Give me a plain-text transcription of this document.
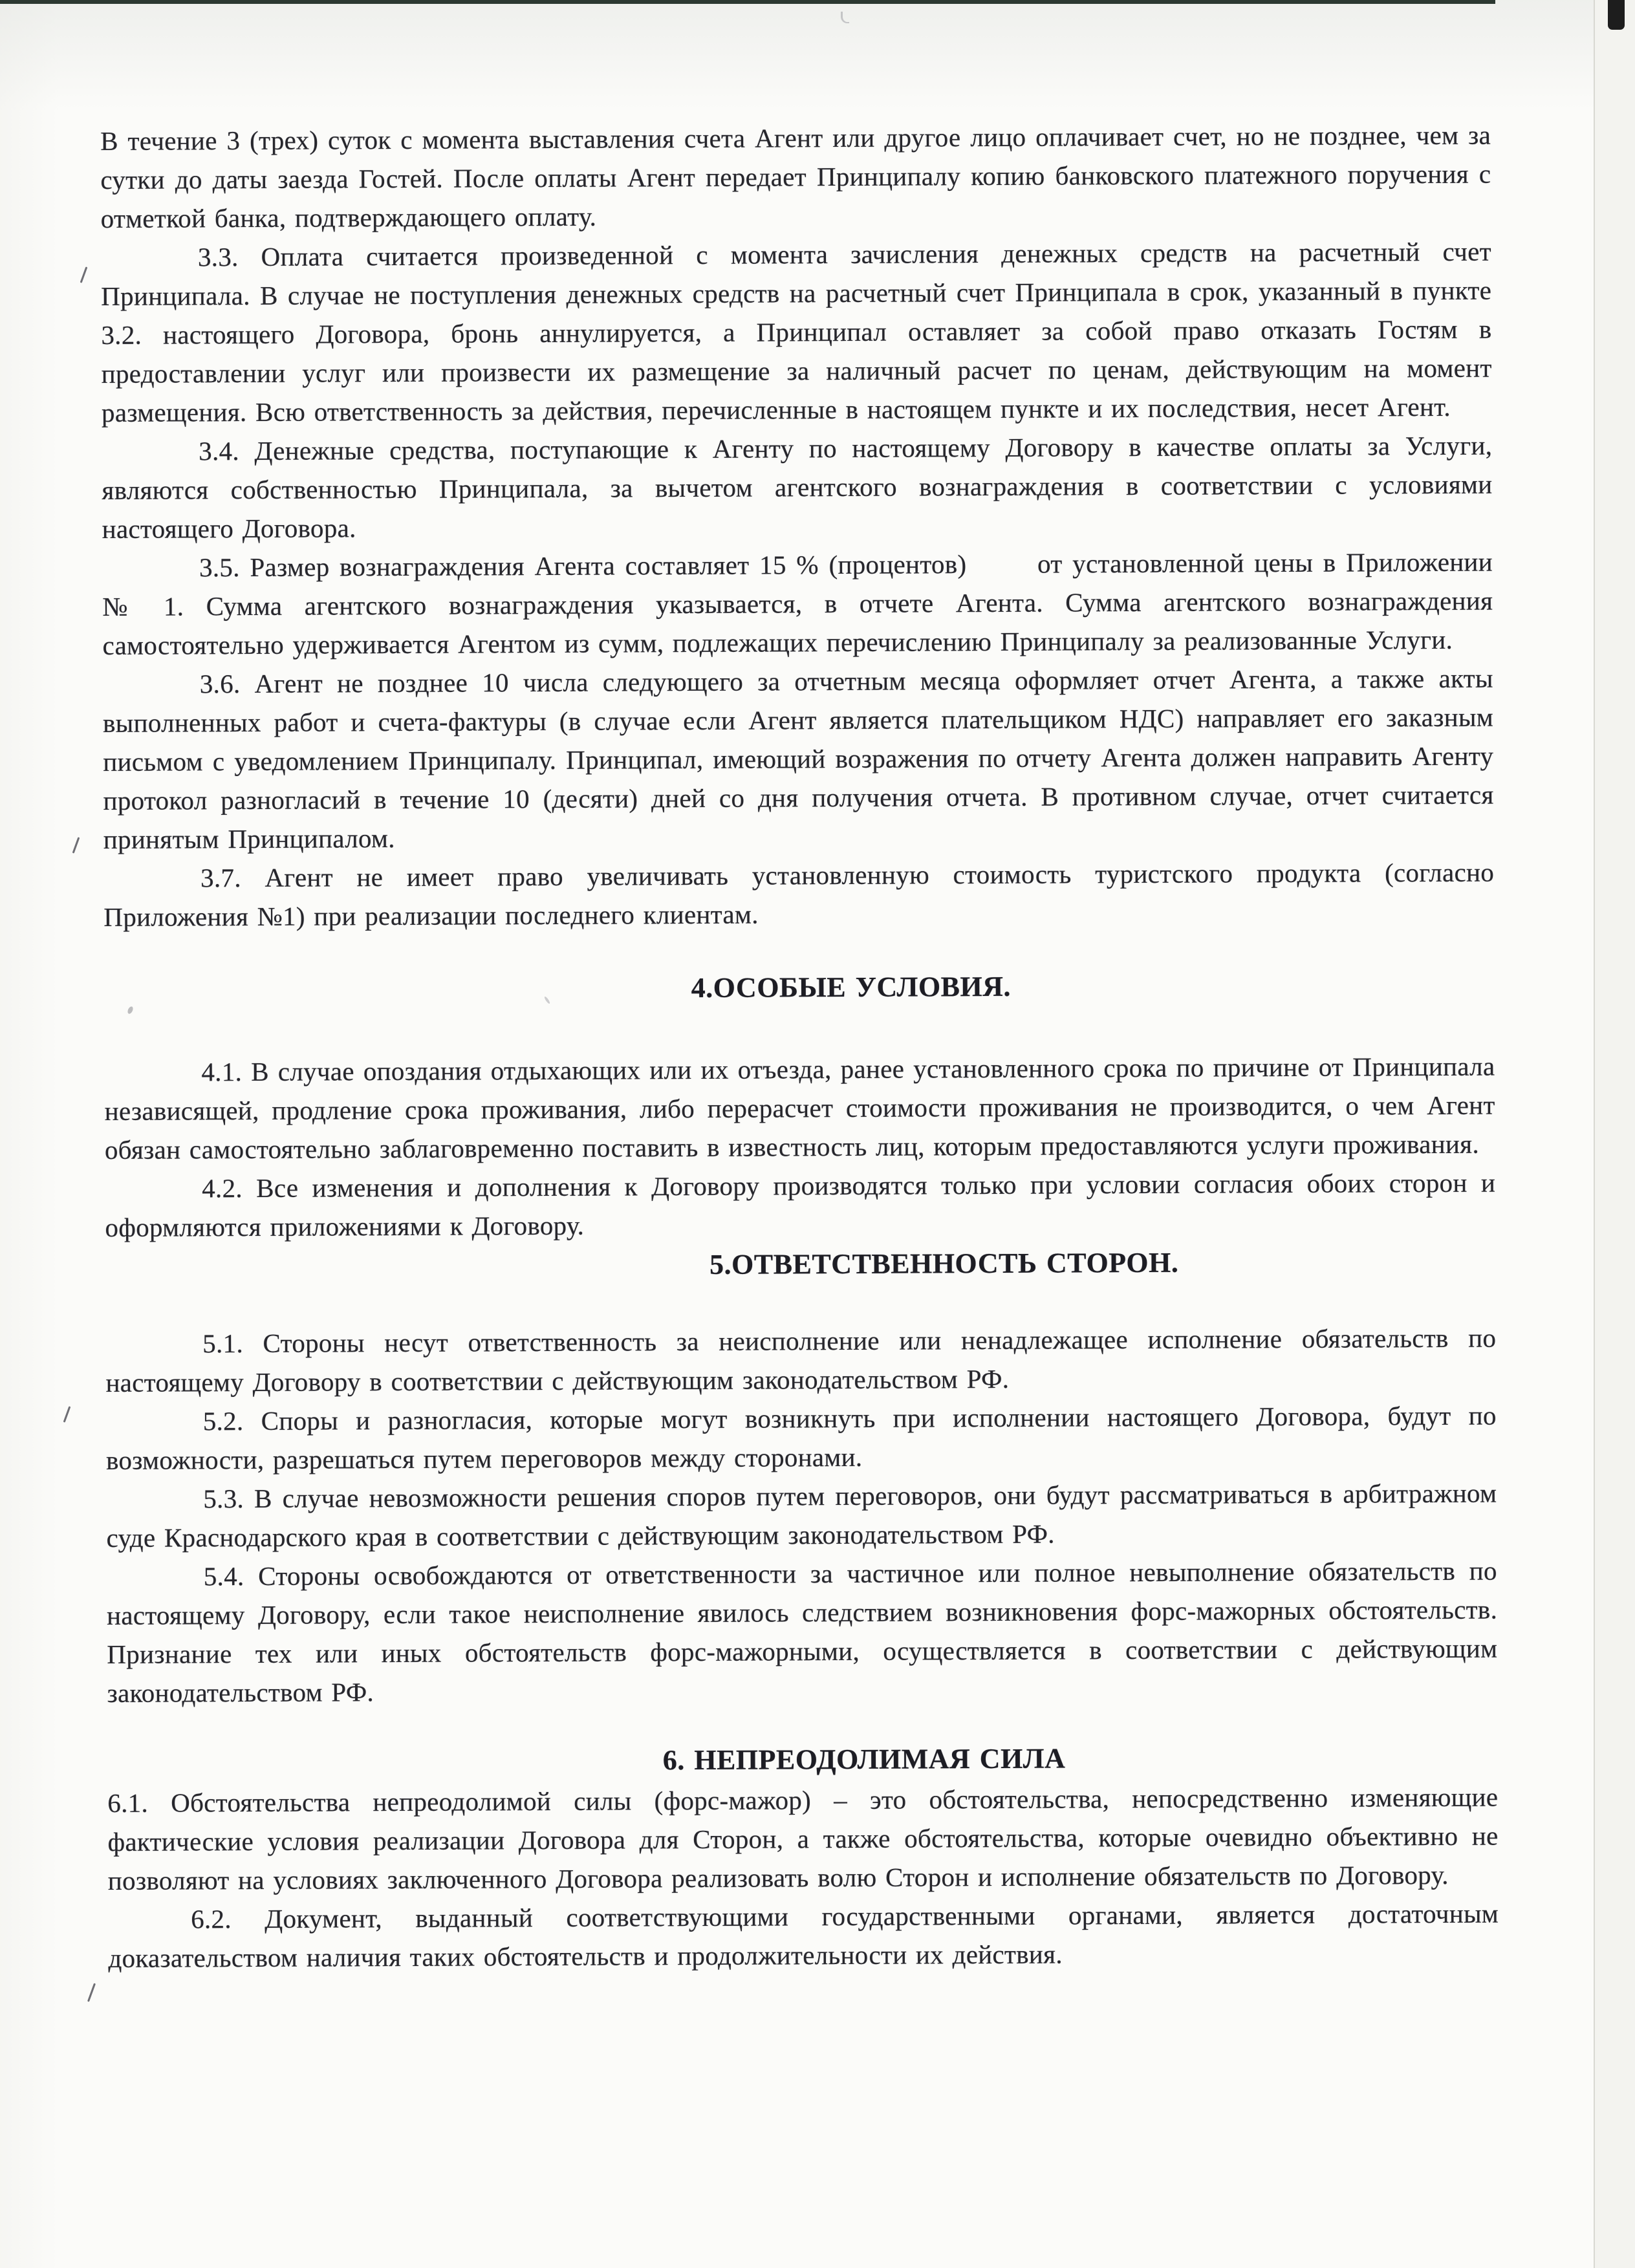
В течение 3 (трех) суток с момента выставления счета Агент или другое лицо оплачивает счет, но не позднее, чем за сутки до даты заезда Гостей. После оплаты Агент передает Принципалу копию банковского платежного поручения с отметкой банка, подтверждающего оплату.

3.3. Оплата считается произведенной с момента зачисления денежных средств на расчетный счет Принципала. В случае не поступления денежных средств на расчетный счет Принципала в срок, указанный в пункте 3.2. настоящего Договора, бронь аннулируется, а Принципал оставляет за собой право отказать Гостям в предоставлении услуг или произвести их размещение за наличный расчет по ценам, действующим на момент размещения. Всю ответственность за действия, перечисленные в настоящем пункте и их последствия, несет Агент.

3.4. Денежные средства, поступающие к Агенту по настоящему Договору в качестве оплаты за Услуги, являются собственностью Принципала, за вычетом агентского вознаграждения в соответствии с условиями настоящего Договора.

3.5. Размер вознаграждения Агента составляет 15 % (процентов)       от установленной цены в Приложении № 1. Сумма агентского вознаграждения указывается, в отчете Агента. Сумма агентского вознаграждения самостоятельно удерживается Агентом из сумм, подлежащих перечислению Принципалу за реализованные Услуги.

3.6. Агент не позднее 10 числа следующего за отчетным месяца оформляет отчет Агента, а также акты выполненных работ и счета-фактуры (в случае если Агент является плательщиком НДС) направляет его заказным письмом с уведомлением Принципалу. Принципал, имеющий возражения по отчету Агента должен направить Агенту протокол разногласий в течение 10 (десяти) дней со дня получения отчета. В противном случае, отчет считается принятым Принципалом.

3.7. Агент не имеет право увеличивать установленную стоимость туристского продукта (согласно Приложения №1) при реализации последнего клиентам.

4.ОСОБЫЕ УСЛОВИЯ.

4.1. В случае опоздания отдыхающих или их отъезда, ранее установленного срока по причине от Принципала независящей, продление срока проживания, либо перерасчет стоимости проживания не производится, о чем Агент обязан самостоятельно заблаговременно поставить в известность лиц, которым предоставляются услуги проживания.

4.2. Все изменения и дополнения к Договору производятся только при условии согласия обоих сторон и оформляются приложениями к Договору.

5.ОТВЕТСТВЕННОСТЬ СТОРОН.

5.1. Стороны несут ответственность за неисполнение или ненадлежащее исполнение обязательств по настоящему Договору в соответствии с действующим законодательством РФ.

5.2. Споры и разногласия, которые могут возникнуть при исполнении настоящего Договора, будут по возможности, разрешаться путем переговоров между сторонами.

5.3. В случае невозможности решения споров путем переговоров, они будут рассматриваться в арбитражном суде Краснодарского края в соответствии с действующим законодательством РФ.

5.4. Стороны освобождаются от ответственности за частичное или полное невыполнение обязательств по настоящему Договору, если такое неисполнение явилось следствием возникновения форс-мажорных обстоятельств. Признание тех или иных обстоятельств форс-мажорными, осуществляется в соответствии с действующим законодательством РФ.

6. НЕПРЕОДОЛИМАЯ СИЛА

6.1. Обстоятельства непреодолимой силы (форс-мажор) – это обстоятельства, непосредственно изменяющие фактические условия реализации Договора для Сторон, а также обстоятельства, которые очевидно объективно не позволяют на условиях заключенного Договора реализовать волю Сторон и исполнение обязательств по Договору.

6.2. Документ, выданный соответствующими государственными органами, является достаточным доказательством наличия таких обстоятельств и продолжительности их действия.
